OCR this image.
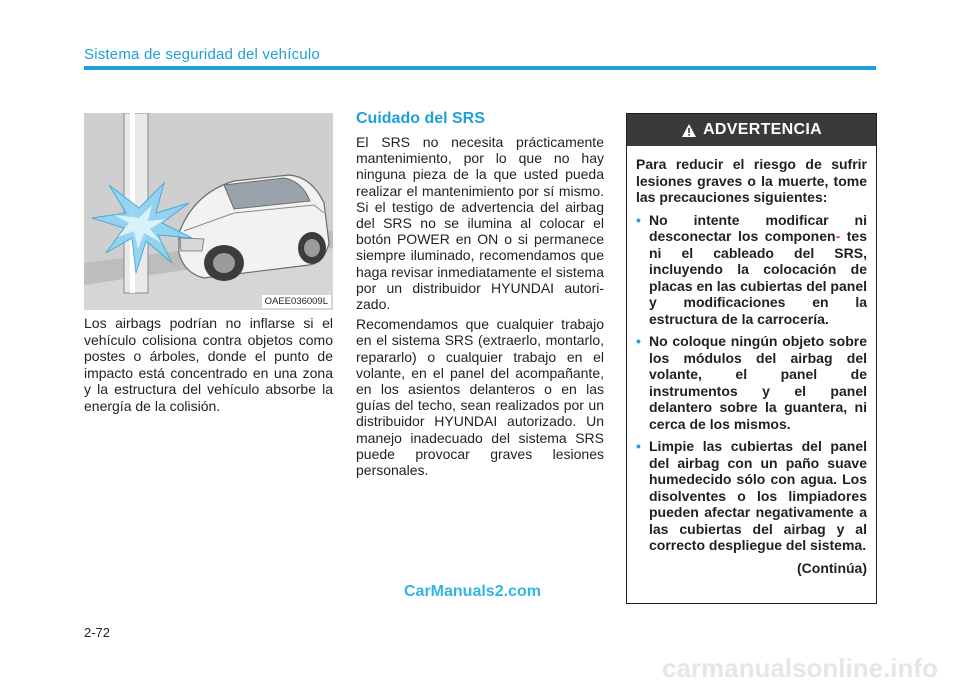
Sistema de seguridad del vehículo
OAEE036009L
Los airbags podrían no inflarse si el vehículo colisiona contra objetos como postes o árboles, donde el punto de impacto está concentrado en una zona y la estructura del vehículo absorbe la energía de la colisión.
Cuidado del SRS

El SRS no necesita prácticamente mantenimiento, por lo que no hay ninguna pieza de la que usted pueda realizar el mantenimiento por sí mismo. Si el testigo de advertencia del airbag del SRS no se ilumina al colocar el botón POWER en ON o si permanece siempre iluminado, recomendamos que haga revisar inmediatamente el sistema por un distribuidor HYUNDAI autori-zado.

Recomendamos que cualquier trabajo en el sistema SRS (extraerlo, montarlo, repararlo) o cualquier trabajo en el volante, en el panel del acompañante, en los asientos delanteros o en las guías del techo, sean realizados por un distribuidor HYUNDAI autorizado. Un manejo inadecuado del sistema SRS puede provocar graves lesiones personales.

ADVERTENCIA
Para reducir el riesgo de sufrir lesiones graves o la muerte, tome las precauciones siguientes:
• No intente modificar ni desconectar los componen- tes ni el cableado del SRS, incluyendo la colocación de placas en las cubiertas del panel y modificaciones en la estructura de la carrocería.
• No coloque ningún objeto sobre los módulos del airbag del volante, el panel de instrumentos y el panel delantero sobre la guantera, ni cerca de los mismos.
• Limpie las cubiertas del panel del airbag con un paño suave humedecido sólo con agua. Los disolventes o los limpiadores pueden afectar negativamente a las cubiertas del airbag y al correcto despliegue del sistema.
(Continúa)
2-72
CarManuals2.com
carmanualsonline.info
